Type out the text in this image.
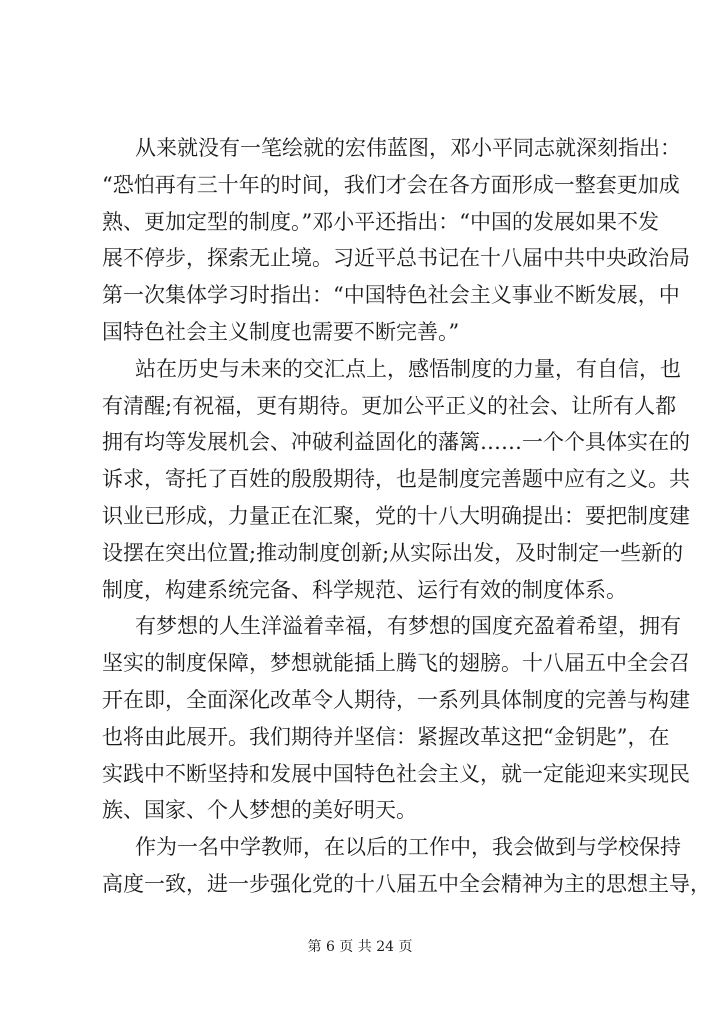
从来就没有一笔绘就的宏伟蓝图，邓小平同志就深刻指出：
“恐怕再有三十年的时间，我们才会在各方面形成一整套更加成
熟、更加定型的制度。”邓小平还指出：“中国的发展如果不发
展不停步，探索无止境。习近平总书记在十八届中共中央政治局
第一次集体学习时指出：“中国特色社会主义事业不断发展，中
国特色社会主义制度也需要不断完善。”
站在历史与未来的交汇点上，感悟制度的力量，有自信，也
有清醒;有祝福，更有期待。更加公平正义的社会、让所有人都
拥有均等发展机会、冲破利益固化的藩篱……一个个具体实在的
诉求，寄托了百姓的殷殷期待，也是制度完善题中应有之义。共
识业已形成，力量正在汇聚，党的十八大明确提出：要把制度建
设摆在突出位置;推动制度创新;从实际出发，及时制定一些新的
制度，构建系统完备、科学规范、运行有效的制度体系。
有梦想的人生洋溢着幸福，有梦想的国度充盈着希望，拥有
坚实的制度保障，梦想就能插上腾飞的翅膀。十八届五中全会召
开在即，全面深化改革令人期待，一系列具体制度的完善与构建
也将由此展开。我们期待并坚信：紧握改革这把“金钥匙”，在
实践中不断坚持和发展中国特色社会主义，就一定能迎来实现民
族、国家、个人梦想的美好明天。
作为一名中学教师，在以后的工作中，我会做到与学校保持
高度一致，进一步强化党的十八届五中全会精神为主的思想主导，
第 6 页 共 24 页
